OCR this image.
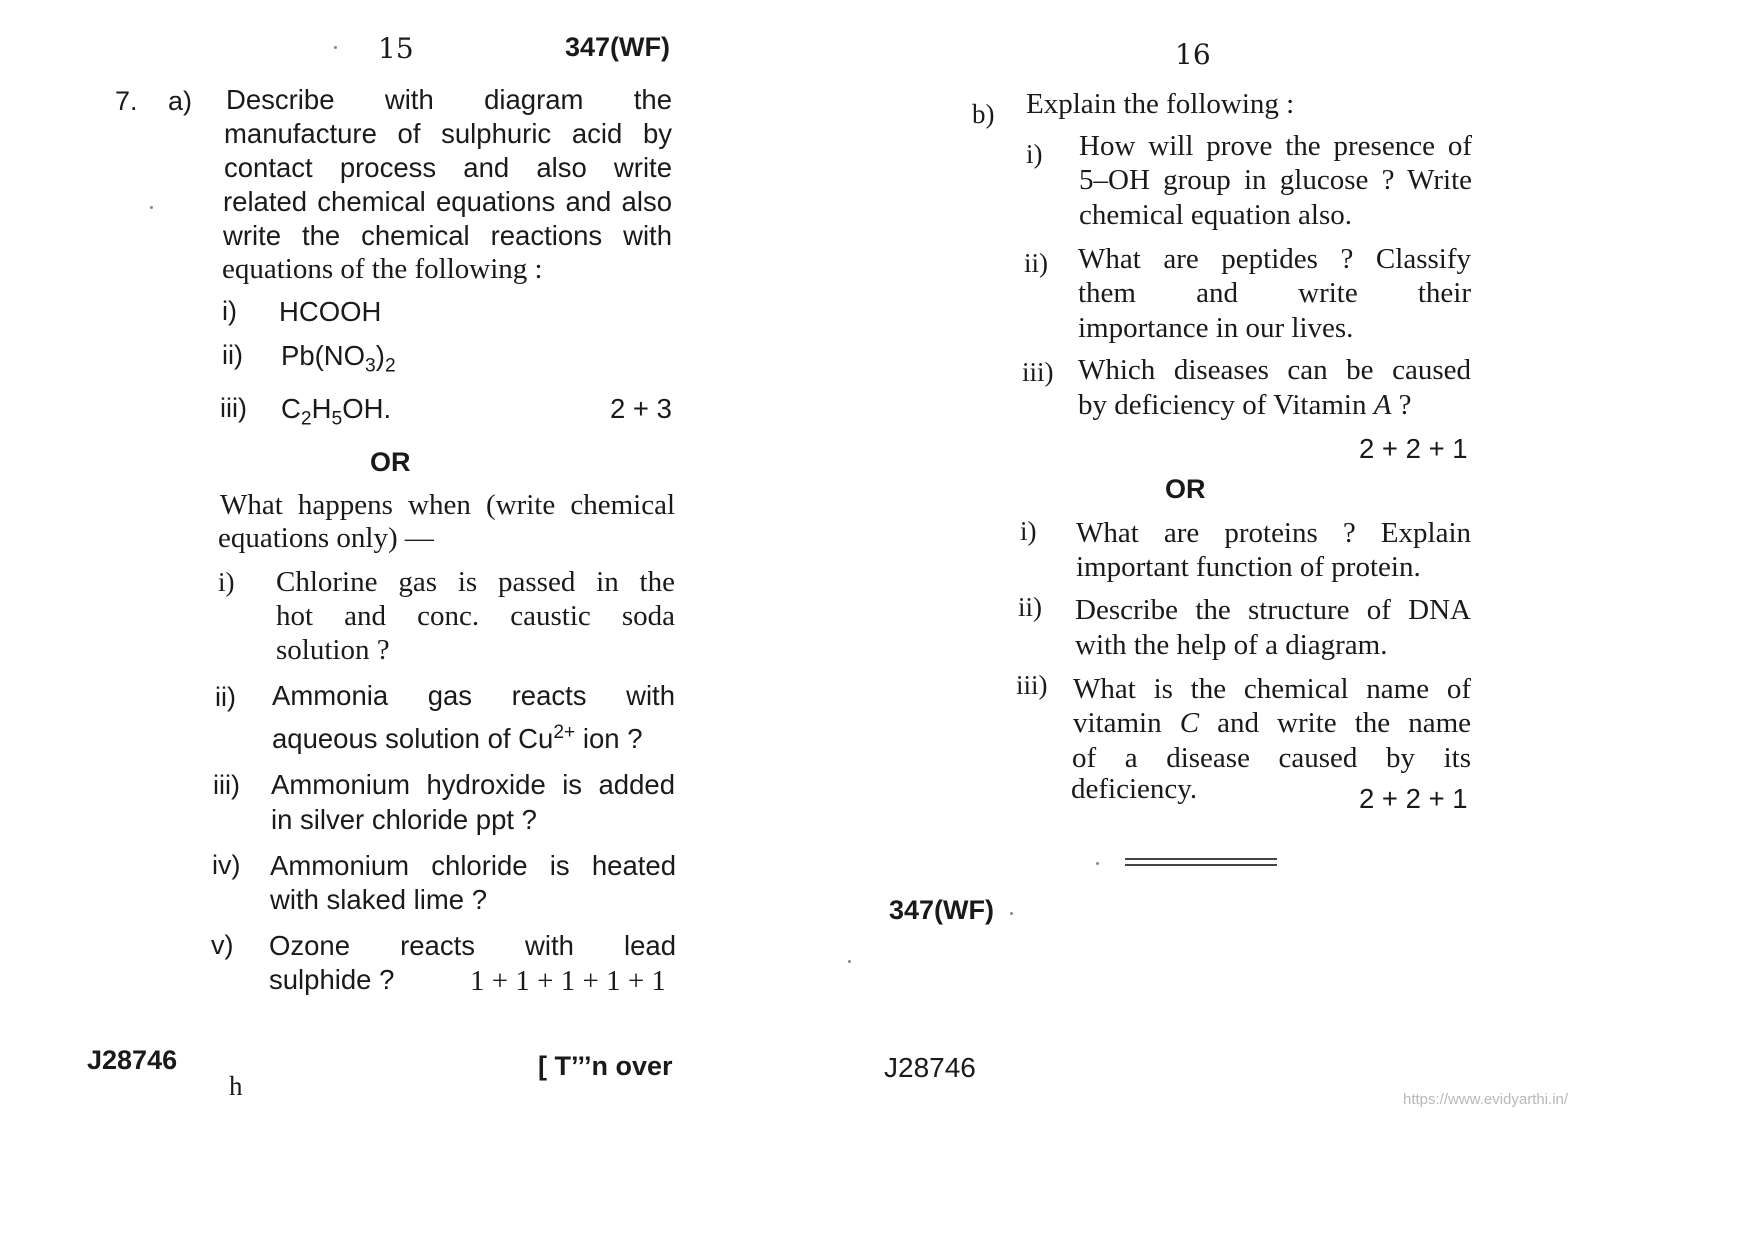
15	347(WF)
7. a) Describe with diagram the
manufacture of sulphuric acid by
contact process and also write
related chemical equations and also
write the chemical reactions with
equations of the following :
i) HCOOH
ii) $Pb(NO_3)_2$
iii) $C_2H_5OH$.	2 + 3
OR
What happens when (write chemical
equations only) —
i) Chlorine gas is passed in the
hot and conc. caustic soda
solution ?
ii) Ammonia gas reacts with
aqueous solution of $Cu^{2+}$ ion ?
iii) Ammonium hydroxide is added
in silver chloride ppt ?
iv) Ammonium chloride is heated
with slaked lime ?
v) Ozone reacts with lead
sulphide ?	1 + 1 + 1 + 1 + 1
J28746
h
[ T’’’n over
16
b) Explain the following :
i) How will prove the presence of
5–OH group in glucose ? Write
chemical equation also.
ii) What are peptides ? Classify
them and write their
importance in our lives.
iii) Which diseases can be caused
by deficiency of Vitamin A ?
2 + 2 + 1
OR
i) What are proteins ? Explain
important function of protein.
ii) Describe the structure of DNA
with the help of a diagram.
iii) What is the chemical name of
vitamin C and write the name
of a disease caused by its
deficiency.	2 + 2 + 1
347(WF)
J28746
https://www.evidyarthi.in/
